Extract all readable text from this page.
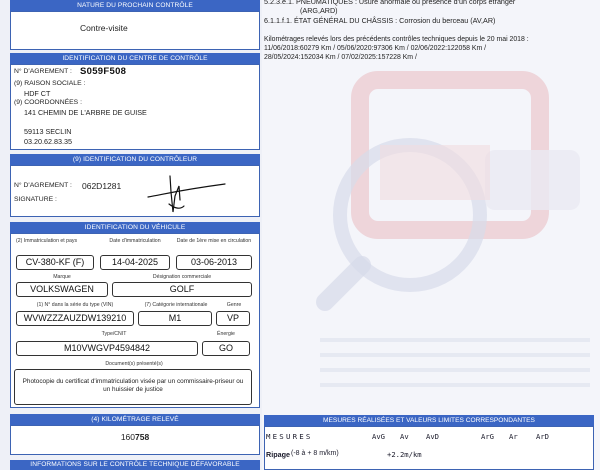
NATURE DU PROCHAIN CONTRÔLE
Contre-visite
IDENTIFICATION DU CENTRE DE CONTRÔLE
N° D'AGREMENT : S059F508
(9) RAISON SOCIALE :
HDF CT
(9) COORDONNÉES :
141 CHEMIN DE L'ARBRE DE GUISE
59113 SECLIN
03.20.62.83.35
(9) IDENTIFICATION DU CONTRÔLEUR
N° D'AGREMENT : 062D1281
SIGNATURE :
IDENTIFICATION DU VÉHICULE
(2) Immatriculation et pays	Date d'immatriculation	Date de 1ère mise en circulation
CV-380-KF (F)	14-04-2025	03-06-2013
Marque	Désignation commerciale
VOLKSWAGEN	GOLF
(1) N° dans la série du type (VIN)	(7) Catégorie internationale	Genre
WVWZZZAUZDW139210	M1	VP
Type/CNIT	Énergie
M10VWGVP4594842	GO
Document(s) présenté(s)
Photocopie du certificat d'immatriculation visée par un commissaire-priseur ou un huissier de justice
(4) KILOMÉTRAGE RELEVÉ
160758
INFORMATIONS SUR LE CONTRÔLE TECHNIQUE DÉFAVORABLE
5.2.3.e.1. PNEUMATIQUES : Usure anormale ou présence d'un corps étranger
(ARG,ARD)
6.1.1.f.1. ÉTAT GÉNÉRAL DU CHÂSSIS : Corrosion du berceau (AV,AR)
Kilométrages relevés lors des précédents contrôles techniques depuis le 20 mai 2018 :
11/06/2018:60279 Km / 05/06/2020:97306 Km / 02/06/2022:122058 Km /
28/05/2024:152034 Km / 07/02/2025:157228 Km /
MESURES RÉALISÉES ET VALEURS LIMITES CORRESPONDANTES
MESURES	AvG Av AvD	ArG Ar	ArD
Ripage (-8 à + 8 m/km)	+2.2m/km
